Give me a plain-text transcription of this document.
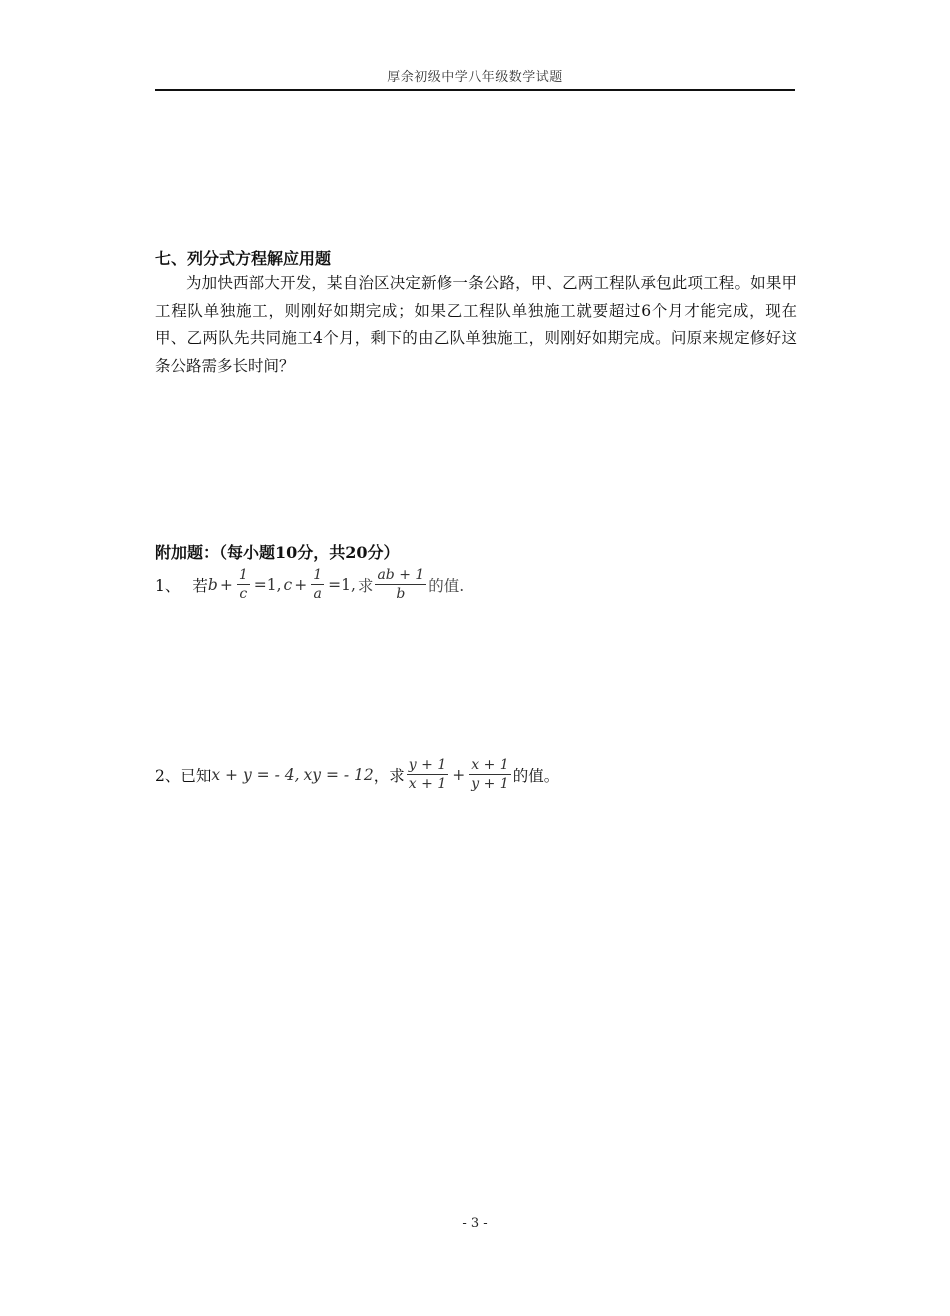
厚余初级中学八年级数学试题
七、列分式方程解应用题
为加快西部大开发，某自治区决定新修一条公路，甲、乙两工程队承包此项工程。如果甲工程队单独施工，则刚好如期完成；如果乙工程队单独施工就要超过6个月才能完成，现在甲、乙两队先共同施工4个月，剩下的由乙队单独施工，则刚好如期完成。问原来规定修好这条公路需多长时间？
附加题：（每小题10分，共20分）
1、 若 $b + \frac{1}{c} =1$, $c + \frac{1}{a} =1$, 求 $\frac{ab + 1}{b}$ 的值.
2、 已知 x + y = - 4, xy = - 12 ， 求 $\frac{y + 1}{x + 1} + \frac{x + 1}{y + 1}$ 的值。
- 3 -
